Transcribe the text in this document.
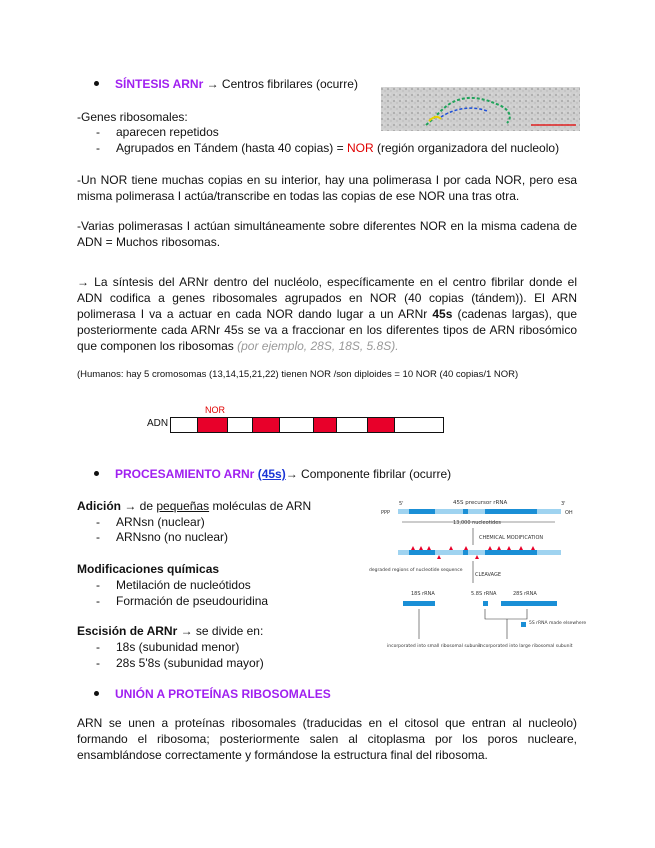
SÍNTESIS ARNr → Centros fibrilares (ocurre)
-Genes ribosomales:
- aparecen repetidos
- Agrupados en Tándem (hasta 40 copias) = NOR (región organizadora del nucleolo)
-Un NOR tiene muchas copias en su interior, hay una polimerasa I por cada NOR, pero esa misma polimerasa I actúa/transcribe en todas las copias de ese NOR una tras otra.
-Varias polimerasas I actúan simultáneamente sobre diferentes NOR en la misma cadena de ADN = Muchos ribosomas.
→ La síntesis del ARNr dentro del nucléolo, específicamente en el centro fibrilar donde el ADN codifica a genes ribosomales agrupados en NOR (40 copias (tándem)). El ARN polimerasa I va a actuar en cada NOR dando lugar a un ARNr 45s (cadenas largas), que posteriormente cada ARNr 45s se va a fraccionar en los diferentes tipos de ARN ribosómico que componen los ribosomas (por ejemplo, 28S, 18S, 5.8S).
(Humanos: hay 5 cromosomas (13,14,15,21,22) tienen NOR /son diploides = 10 NOR (40 copias/1 NOR)
NOR
ADN
PROCESAMIENTO ARNr (45s)→ Componente fibrilar (ocurre)
Adición → de pequeñas moléculas de ARN
- ARNsn (nuclear)
- ARNsno (no nuclear)
Modificaciones químicas
- Metilación de nucleótidos
- Formación de pseudouridina
Escisión de ARNr → se divide en:
- 18s (subunidad menor)
- 28s 5'8s (subunidad mayor)
45S precursor rRNA
5'	3'
PPP	OH
13,000 nucleotides
CHEMICAL MODIFICATION
degraded regions of nucleotide sequence
CLEAVAGE
18S rRNA	5.8S rRNA	28S rRNA
5S rRNA made elsewhere
incorporated into small ribosomal subunit
incorporated into large ribosomal subunit
UNIÓN A PROTEÍNAS RIBOSOMALES
ARN se unen a proteínas ribosomales (traducidas en el citosol que entran al nucleolo) formando el ribosoma; posteriormente salen al citoplasma por los poros nucleare, ensamblándose correctamente y formándose la estructura final del ribosoma.
